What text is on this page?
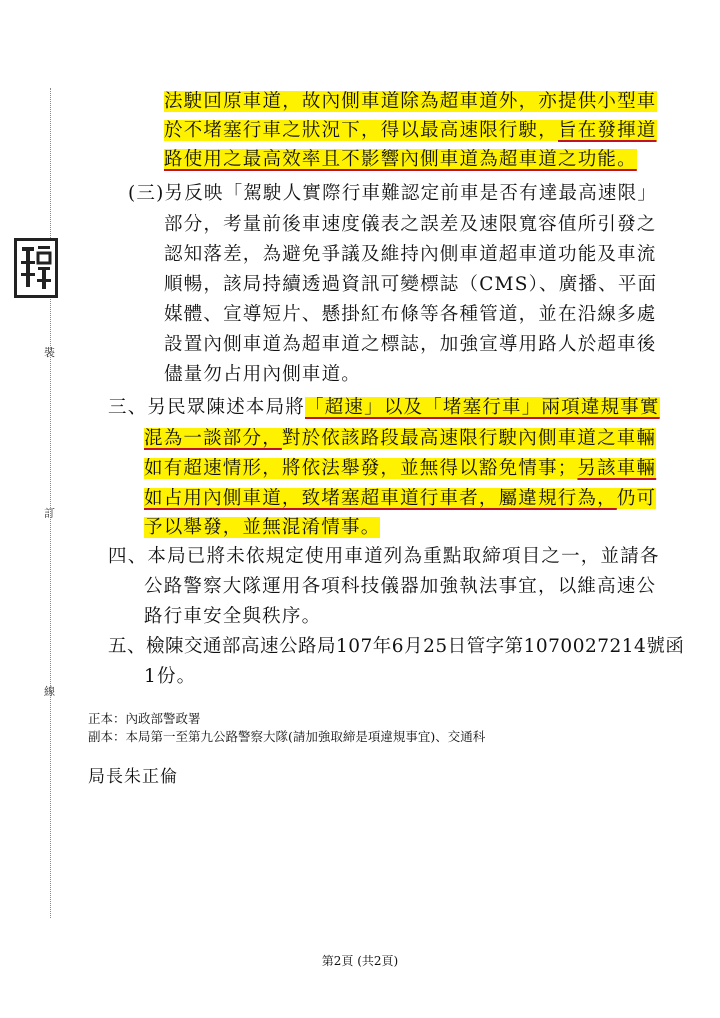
裝
訂
線
法駛回原車道，故內側車道除為超車道外，亦提供小型車
於不堵塞行車之狀況下，得以最高速限行駛，旨在發揮道
路使用之最高效率且不影響內側車道為超車道之功能。
(三)另反映「駕駛人實際行車難認定前車是否有達最高速限」
部分，考量前後車速度儀表之誤差及速限寬容值所引發之
認知落差，為避免爭議及維持內側車道超車道功能及車流
順暢，該局持續透過資訊可變標誌（CMS）、廣播、平面
媒體、宣導短片、懸掛紅布條等各種管道，並在沿線多處
設置內側車道為超車道之標誌，加強宣導用路人於超車後
儘量勿占用內側車道。
三、另民眾陳述本局將「超速」以及「堵塞行車」兩項違規事實
混為一談部分，對於依該路段最高速限行駛內側車道之車輛
如有超速情形，將依法舉發，並無得以豁免情事；另該車輛
如占用內側車道，致堵塞超車道行車者，屬違規行為，仍可
予以舉發，並無混淆情事。
四、本局已將未依規定使用車道列為重點取締項目之一，並請各
公路警察大隊運用各項科技儀器加強執法事宜，以維高速公
路行車安全與秩序。
五、檢陳交通部高速公路局107年6月25日管字第1070027214號函
1份。
正本：內政部警政署
副本：本局第一至第九公路警察大隊(請加強取締是項違規事宜)、交通科
局長朱正倫
第2頁 (共2頁)
